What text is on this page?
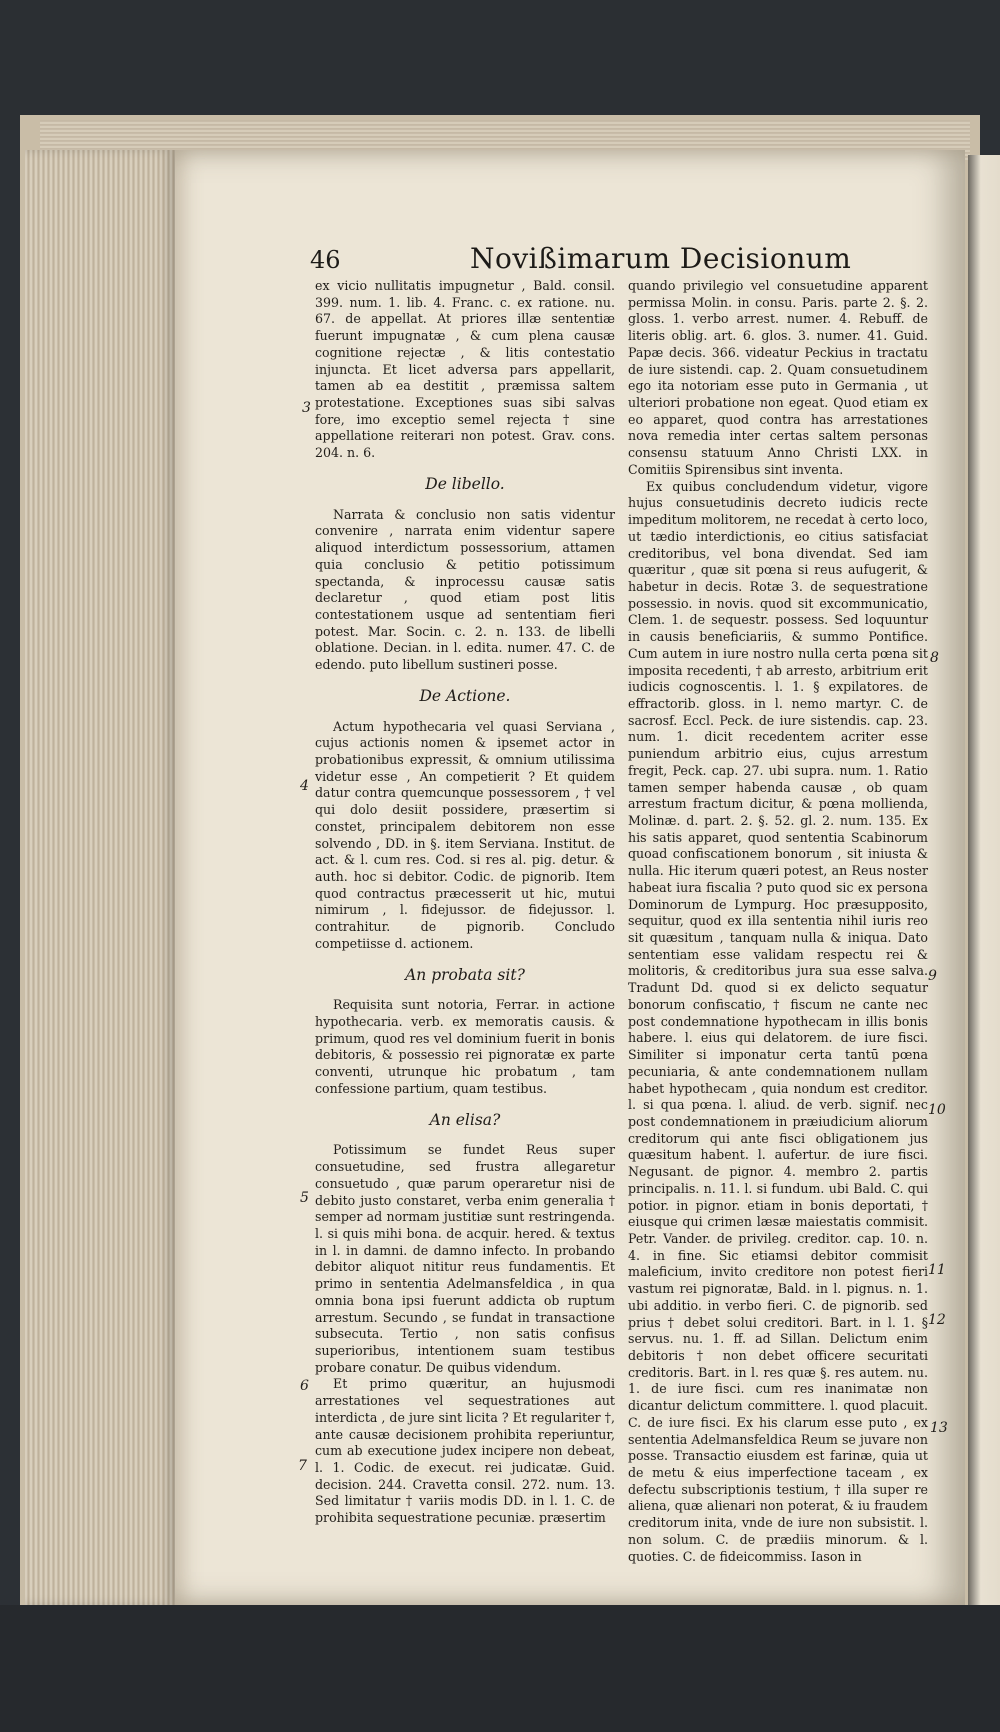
46	Novißimarum Decisionum

ex vicio nullitatis impugnetur , Bald. consil. 399. num. 1. lib. 4. Franc. c. ex ratione. nu. 67. de appellat. At priores illæ sententiæ fuerunt impugnatæ , & cum plena causæ cognitione rejectæ , & litis contestatio injuncta. Et licet adversa pars appellarit, tamen ab ea destitit , præmissa saltem protestatione. Exceptiones suas sibi salvas fore, imo exceptio semel rejecta † sine appellatione reiterari non potest. Grav. cons. 204. n. 6.

De libello.

Narrata & conclusio non satis videntur convenire , narrata enim videntur sapere aliquod interdictum possessorium, attamen quia conclusio & petitio potissimum spectanda, & inprocessu causæ satis declaretur , quod etiam post litis contestationem usque ad sententiam fieri potest. Mar. Socin. c. 2. n. 133. de libelli oblatione. Decian. in l. edita. numer. 47. C. de edendo. puto libellum sustineri posse.

De Actione.

Actum hypothecaria vel quasi Serviana , cujus actionis nomen & ipsemet actor in probationibus expressit, & omnium utilissima videtur esse , An competierit ? Et quidem datur contra quemcunque possessorem , † vel qui dolo desiit possidere, præsertim si constet, principalem debitorem non esse solvendo , DD. in §. item Serviana. Institut. de act. & l. cum res. Cod. si res al. pig. detur. & auth. hoc si debitor. Codic. de pignorib. Item quod contractus præcesserit ut hic, mutui nimirum , l. fidejussor. de fidejussor. l. contrahitur. de pignorib. Concludo competiisse d. actionem.

An probata sit?

Requisita sunt notoria, Ferrar. in actione hypothecaria. verb. ex memoratis causis. & primum, quod res vel dominium fuerit in bonis debitoris, & possessio rei pignoratæ ex parte conventi, utrunque hic probatum , tam confessione partium, quam testibus.

An elisa?

Potissimum se fundet Reus super consuetudine, sed frustra allegaretur consuetudo , quæ parum operaretur nisi de debito justo constaret, verba enim generalia † semper ad normam justitiæ sunt restringenda. l. si quis mihi bona. de acquir. hered. & textus in l. in damni. de damno infecto. In probando debitor aliquot nititur reus fundamentis. Et primo in sententia Adelmansfeldica , in qua omnia bona ipsi fuerunt addicta ob ruptum arrestum. Secundo , se fundat in transactione subsecuta. Tertio , non satis confisus superioribus, intentionem suam testibus probare conatur. De quibus videndum.

Et primo quæritur, an hujusmodi arrestationes vel sequestrationes aut interdicta , de jure sint licita ? Et regulariter †, ante causæ decisionem prohibita reperiuntur, cum ab executione judex incipere non debeat, l. 1. Codic. de execut. rei judicatæ. Guid. decision. 244. Cravetta consil. 272. num. 13. Sed limitatur † variis modis DD. in l. 1. C. de prohibita sequestratione pecuniæ. præsertim

quando privilegio vel consuetudine apparent permissa Molin. in consu. Paris. parte 2. §. 2. gloss. 1. verbo arrest. numer. 4. Rebuff. de literis oblig. art. 6. glos. 3. numer. 41. Guid. Papæ decis. 366. videatur Peckius in tractatu de iure sistendi. cap. 2. Quam consuetudinem ego ita notoriam esse puto in Germania , ut ulteriori probatione non egeat. Quod etiam ex eo apparet, quod contra has arrestationes nova remedia inter certas saltem personas consensu statuum Anno Christi LXX. in Comitiis Spirensibus sint inventa.

Ex quibus concludendum videtur, vigore hujus consuetudinis decreto iudicis recte impeditum molitorem, ne recedat à certo loco, ut tædio interdictionis, eo citius satisfaciat creditoribus, vel bona divendat. Sed iam quæritur , quæ sit pœna si reus aufugerit, & habetur in decis. Rotæ 3. de sequestratione possessio. in novis. quod sit excommunicatio, Clem. 1. de sequestr. possess. Sed loquuntur in causis beneficiariis, & summo Pontifice. Cum autem in iure nostro nulla certa pœna sit imposita recedenti, † ab arresto, arbitrium erit iudicis cognoscentis. l. 1. § expilatores. de effractorib. gloss. in l. nemo martyr. C. de sacrosf. Eccl. Peck. de iure sistendis. cap. 23. num. 1. dicit recedentem acriter esse puniendum arbitrio eius, cujus arrestum fregit, Peck. cap. 27. ubi supra. num. 1. Ratio tamen semper habenda causæ , ob quam arrestum fractum dicitur, & pœna mollienda, Molinæ. d. part. 2. §. 52. gl. 2. num. 135. Ex his satis apparet, quod sententia Scabinorum quoad confiscationem bonorum , sit iniusta & nulla. Hic iterum quæri potest, an Reus noster habeat iura fiscalia ? puto quod sic ex persona Dominorum de Lympurg. Hoc præsupposito, sequitur, quod ex illa sententia nihil iuris reo sit quæsitum , tanquam nulla & iniqua. Dato sententiam esse validam respectu rei & molitoris, & creditoribus jura sua esse salva. Tradunt Dd. quod si ex delicto sequatur bonorum confiscatio, † fiscum ne cante nec post condemnatione hypothecam in illis bonis habere. l. eius qui delatorem. de iure fisci. Similiter si imponatur certa tantū pœna pecuniaria, & ante condemnationem nullam habet hypothecam , quia nondum est creditor. l. si qua pœna. l. aliud. de verb. signif. nec post condemnationem in præiudicium aliorum creditorum qui ante fisci obligationem jus quæsitum habent. l. aufertur. de iure fisci. Negusant. de pignor. 4. membro 2. partis principalis. n. 11. l. si fundum. ubi Bald. C. qui potior. in pignor. etiam in bonis deportati, † eiusque qui crimen læsæ maiestatis commisit. Petr. Vander. de privileg. creditor. cap. 10. n. 4. in fine. Sic etiamsi debitor commisit maleficium, invito creditore non potest fieri vastum rei pignoratæ, Bald. in l. pignus. n. 1. ubi additio. in verbo fieri. C. de pignorib. sed prius † debet solui creditori. Bart. in l. 1. § servus. nu. 1. ff. ad Sillan. Delictum enim debitoris † non debet officere securitati creditoris. Bart. in l. res quæ §. res autem. nu. 1. de iure fisci. cum res inanimatæ non dicantur delictum committere. l. quod placuit. C. de iure fisci. Ex his clarum esse puto , ex sententia Adelmansfeldica Reum se juvare non posse. Transactio eiusdem est farinæ, quia ut de metu & eius imperfectione taceam , ex defectu subscriptionis testium, † illa super re aliena, quæ alienari non poterat, & iu fraudem creditorum inita, vnde de iure non subsistit. l. non solum. C. de prædiis minorum. & l. quoties. C. de fideicommiss. Iason in

3
4
5
6
7
8
9
10
11
12
13
